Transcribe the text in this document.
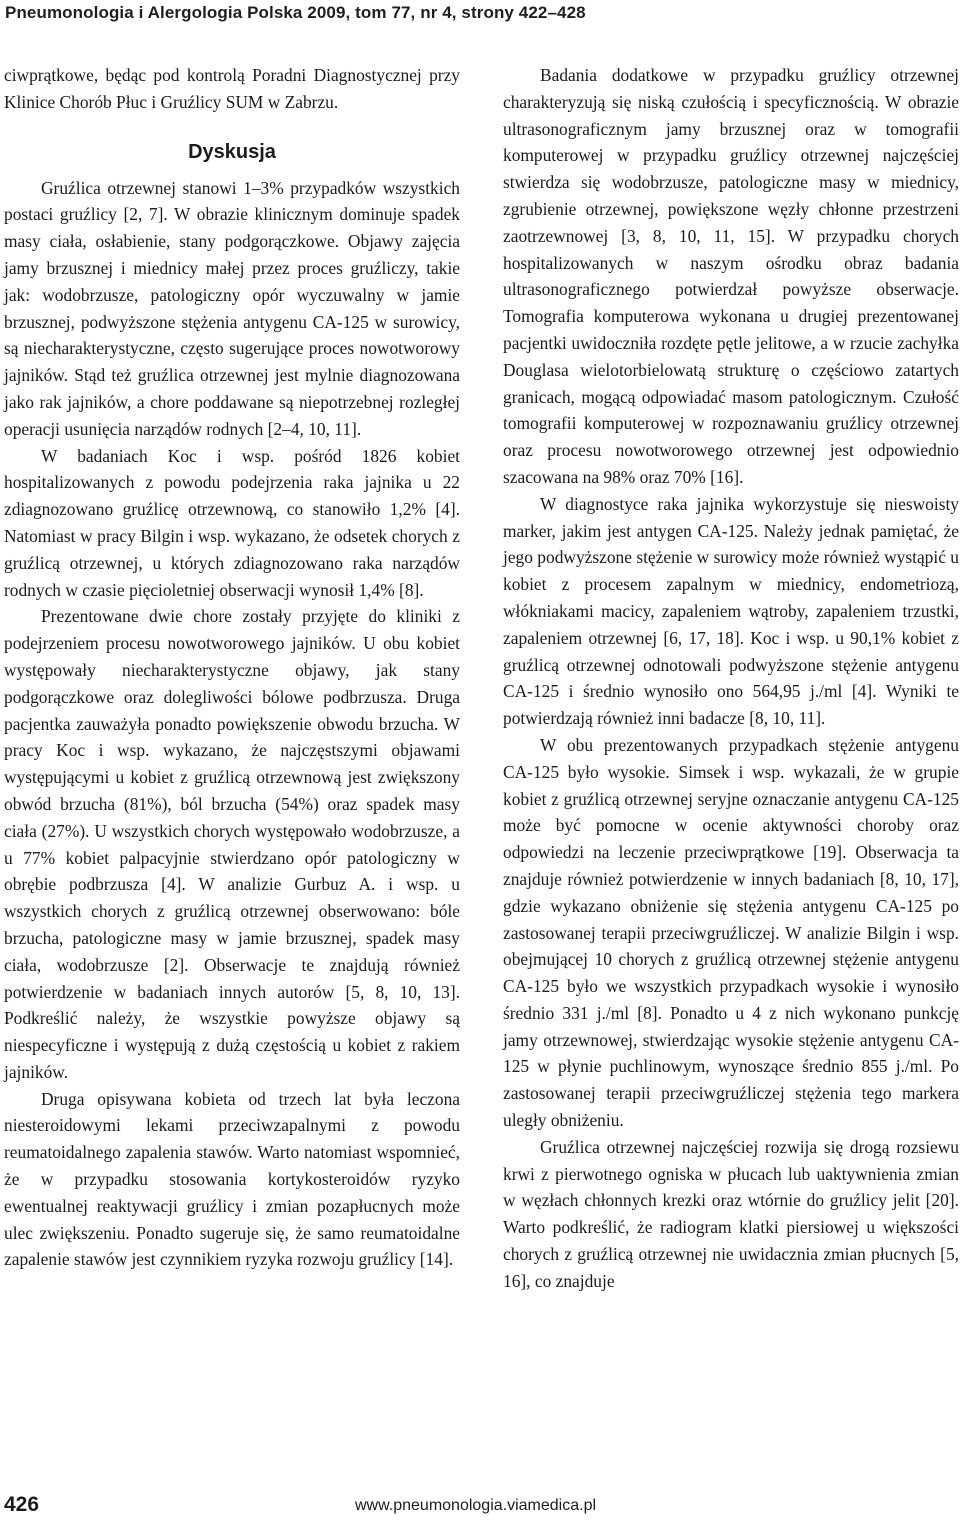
Pneumonologia i Alergologia Polska 2009, tom 77, nr 4, strony 422–428

ciwprątkowe, będąc pod kontrolą Poradni Diagnostycznej przy Klinice Chorób Płuc i Gruźlicy SUM w Zabrzu.

Dyskusja

Gruźlica otrzewnej stanowi 1–3% przypadków wszystkich postaci gruźlicy [2, 7]. W obrazie klinicznym dominuje spadek masy ciała, osłabienie, stany podgorączkowe. Objawy zajęcia jamy brzusznej i miednicy małej przez proces gruźliczy, takie jak: wodobrzusze, patologiczny opór wyczuwalny w jamie brzusznej, podwyższone stężenia antygenu CA-125 w surowicy, są niecharakterystyczne, często sugerujące proces nowotworowy jajników. Stąd też gruźlica otrzewnej jest mylnie diagnozowana jako rak jajników, a chore poddawane są niepotrzebnej rozległej operacji usunięcia narządów rodnych [2–4, 10, 11].

W badaniach Koc i wsp. pośród 1826 kobiet hospitalizowanych z powodu podejrzenia raka jajnika u 22 zdiagnozowano gruźlicę otrzewnową, co stanowiło 1,2% [4]. Natomiast w pracy Bilgin i wsp. wykazano, że odsetek chorych z gruźlicą otrzewnej, u których zdiagnozowano raka narządów rodnych w czasie pięcioletniej obserwacji wynosił 1,4% [8].

Prezentowane dwie chore zostały przyjęte do kliniki z podejrzeniem procesu nowotworowego jajników. U obu kobiet występowały niecharakterystyczne objawy, jak stany podgorączkowe oraz dolegliwości bólowe podbrzusza. Druga pacjentka zauważyła ponadto powiększenie obwodu brzucha. W pracy Koc i wsp. wykazano, że najczęstszymi objawami występującymi u kobiet z gruźlicą otrzewnową jest zwiększony obwód brzucha (81%), ból brzucha (54%) oraz spadek masy ciała (27%). U wszystkich chorych występowało wodobrzusze, a u 77% kobiet palpacyjnie stwierdzano opór patologiczny w obrębie podbrzusza [4]. W analizie Gurbuz A. i wsp. u wszystkich chorych z gruźlicą otrzewnej obserwowano: bóle brzucha, patologiczne masy w jamie brzusznej, spadek masy ciała, wodobrzusze [2]. Obserwacje te znajdują również potwierdzenie w badaniach innych autorów [5, 8, 10, 13]. Podkreślić należy, że wszystkie powyższe objawy są niespecyficzne i występują z dużą częstością u kobiet z rakiem jajników.

Druga opisywana kobieta od trzech lat była leczona niesteroidowymi lekami przeciwzapalnymi z powodu reumatoidalnego zapalenia stawów. Warto natomiast wspomnieć, że w przypadku stosowania kortykosteroidów ryzyko ewentualnej reaktywacji gruźlicy i zmian pozapłucnych może ulec zwiększeniu. Ponadto sugeruje się, że samo reumatoidalne zapalenie stawów jest czynnikiem ryzyka rozwoju gruźlicy [14].

Badania dodatkowe w przypadku gruźlicy otrzewnej charakteryzują się niską czułością i specyficznością. W obrazie ultrasonograficznym jamy brzusznej oraz w tomografii komputerowej w przypadku gruźlicy otrzewnej najczęściej stwierdza się wodobrzusze, patologiczne masy w miednicy, zgrubienie otrzewnej, powiększone węzły chłonne przestrzeni zaotrzewnowej [3, 8, 10, 11, 15]. W przypadku chorych hospitalizowanych w naszym ośrodku obraz badania ultrasonograficznego potwierdzał powyższe obserwacje. Tomografia komputerowa wykonana u drugiej prezentowanej pacjentki uwidoczniła rozdęte pętle jelitowe, a w rzucie zachyłka Douglasa wielotorbielowatą strukturę o częściowo zatartych granicach, mogącą odpowiadać masom patologicznym. Czułość tomografii komputerowej w rozpoznawaniu gruźlicy otrzewnej oraz procesu nowotworowego otrzewnej jest odpowiednio szacowana na 98% oraz 70% [16].

W diagnostyce raka jajnika wykorzystuje się nieswoisty marker, jakim jest antygen CA-125. Należy jednak pamiętać, że jego podwyższone stężenie w surowicy może również wystąpić u kobiet z procesem zapalnym w miednicy, endometriozą, włókniakami macicy, zapaleniem wątroby, zapaleniem trzustki, zapaleniem otrzewnej [6, 17, 18]. Koc i wsp. u 90,1% kobiet z gruźlicą otrzewnej odnotowali podwyższone stężenie antygenu CA-125 i średnio wynosiło ono 564,95 j./ml [4]. Wyniki te potwierdzają również inni badacze [8, 10, 11].

W obu prezentowanych przypadkach stężenie antygenu CA-125 było wysokie. Simsek i wsp. wykazali, że w grupie kobiet z gruźlicą otrzewnej seryjne oznaczanie antygenu CA-125 może być pomocne w ocenie aktywności choroby oraz odpowiedzi na leczenie przeciwprątkowe [19]. Obserwacja ta znajduje również potwierdzenie w innych badaniach [8, 10, 17], gdzie wykazano obniżenie się stężenia antygenu CA-125 po zastosowanej terapii przeciwgruźliczej. W analizie Bilgin i wsp. obejmującej 10 chorych z gruźlicą otrzewnej stężenie antygenu CA-125 było we wszystkich przypadkach wysokie i wynosiło średnio 331 j./ml [8]. Ponadto u 4 z nich wykonano punkcję jamy otrzewnowej, stwierdzając wysokie stężenie antygenu CA-125 w płynie puchlinowym, wynoszące średnio 855 j./ml. Po zastosowanej terapii przeciwgruźliczej stężenia tego markera uległy obniżeniu.

Gruźlica otrzewnej najczęściej rozwija się drogą rozsiewu krwi z pierwotnego ogniska w płucach lub uaktywnienia zmian w węzłach chłonnych krezki oraz wtórnie do gruźlicy jelit [20]. Warto podkreślić, że radiogram klatki piersiowej u większości chorych z gruźlicą otrzewnej nie uwidacznia zmian płucnych [5, 16], co znajduje

426	www.pneumonologia.viamedica.pl
